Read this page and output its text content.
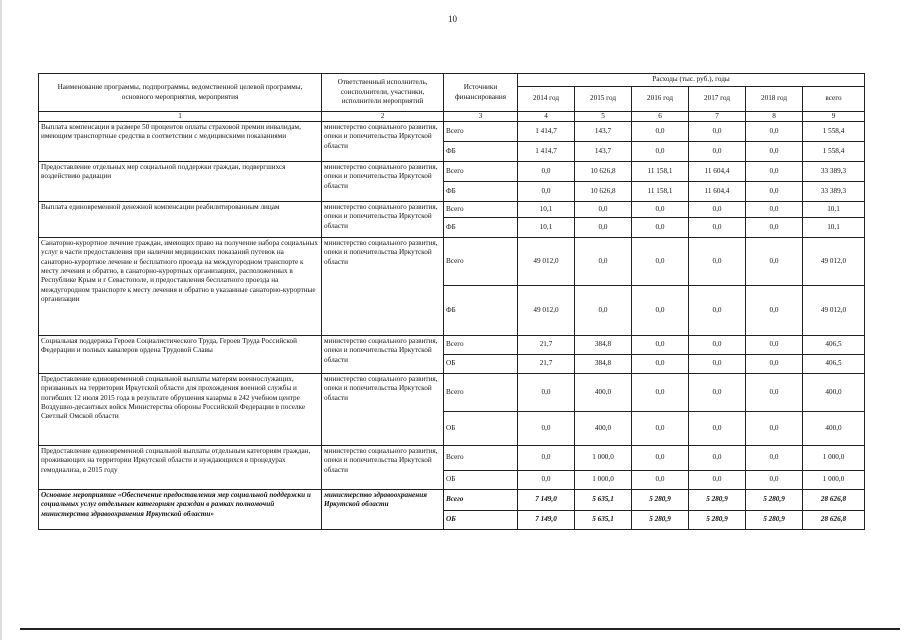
10
Наименование программы, подпрограммы, ведомственной целевой программы, основного мероприятия, мероприятия	Ответственный исполнитель, соисполнители, участники, исполнители мероприятий	Источники финансирования	Расходы (тыс. руб.), годы					
			2014 год	2015 год	2016 год	2017 год	2018 год	всего
1	2	3	4	5	6	7	8	9
Выплата компенсации в размере 50 процентов оплаты страховой премии инвалидам, имеющим транспортные средства в соответствии с медицинскими показаниями	министерство социального развития, опеки и попечительства Иркутской области	Всего	1 414,7	143,7	0,0	0,0	0,0	1 558,4
		ФБ	1 414,7	143,7	0,0	0,0	0,0	1 558,4
Предоставление отдельных мер социальной поддержки граждан, подвергшихся воздействию радиации	министерство социального развития, опеки и попечительства Иркутской области	Всего	0,0	10 626,8	11 158,1	11 604,4	0,0	33 389,3
		ФБ	0,0	10 626,8	11 158,1	11 604,4	0,0	33 389,3
Выплата единовременной денежной компенсации реабилитированным лицам	министерство социального развития, опеки и попечительства Иркутской области	Всего	10,1	0,0	0,0	0,0	0,0	10,1
		ФБ	10,1	0,0	0,0	0,0	0,0	10,1
Санаторно-курортное лечение граждан, имеющих право на получение набора социальных услуг в части предоставления при наличии медицинских показаний путевок на санаторно-курортное лечение и бесплатного проезда на междугородном транспорте к месту лечения и обратно, в санаторно-курортных организациях, расположенных в Республике Крым и г Севастополе, и предоставления бесплатного проезда на междугородном транспорте к месту лечения и обратно в указанные санаторно-курортные организации	министерство социального развития, опеки и попечительства Иркутской области	Всего	49 012,0	0,0	0,0	0,0	0,0	49 012,0
		ФБ	49 012,0	0,0	0,0	0,0	0,0	49 012,0
Социальная поддержка Героев Социалистического Труда, Героев Труда Российской Федерации и полных кавалеров ордена Трудовой Славы	министерство социального развития, опеки и попечительства Иркутской области	Всего	21,7	384,8	0,0	0,0	0,0	406,5
		ОБ	21,7	384,8	0,0	0,0	0,0	406,5
Предоставление единовременной социальной выплаты матерям военнослужащих, призванных на территории Иркутской области для прохождения военной службы и погибших 12 июля 2015 года в результате обрушения казармы в 242 учебном центре Воздушно-десантных войск Министерства обороны Российской Федерации в поселке Светлый Омской области	министерство социального развития, опеки и попечительства Иркутской области	Всего	0,0	400,0	0,0	0,0	0,0	400,0
		ОБ	0,0	400,0	0,0	0,0	0,0	400,0
Предоставление единовременной социальной выплаты отдельным категориям граждан, проживающих на территории Иркутской области и нуждающихся в процедурах гемодиализа, в 2015 году	министерство социального развития, опеки и попечительства Иркутской области	Всего	0,0	1 000,0	0,0	0,0	0,0	1 000,0
		ОБ	0,0	1 000,0	0,0	0,0	0,0	1 000,0
Основное мероприятие «Обеспечение предоставления мер социальной поддержки и социальных услуг отдельным категориям граждан в рамках полномочий министерства здравоохранения Иркутской области»	министерство здравоохранения Иркутской области	Всего	7 149,0	5 635,1	5 280,9	5 280,9	5 280,9	28 626,8
		ОБ	7 149,0	5 635,1	5 280,9	5 280,9	5 280,9	28 626,8
